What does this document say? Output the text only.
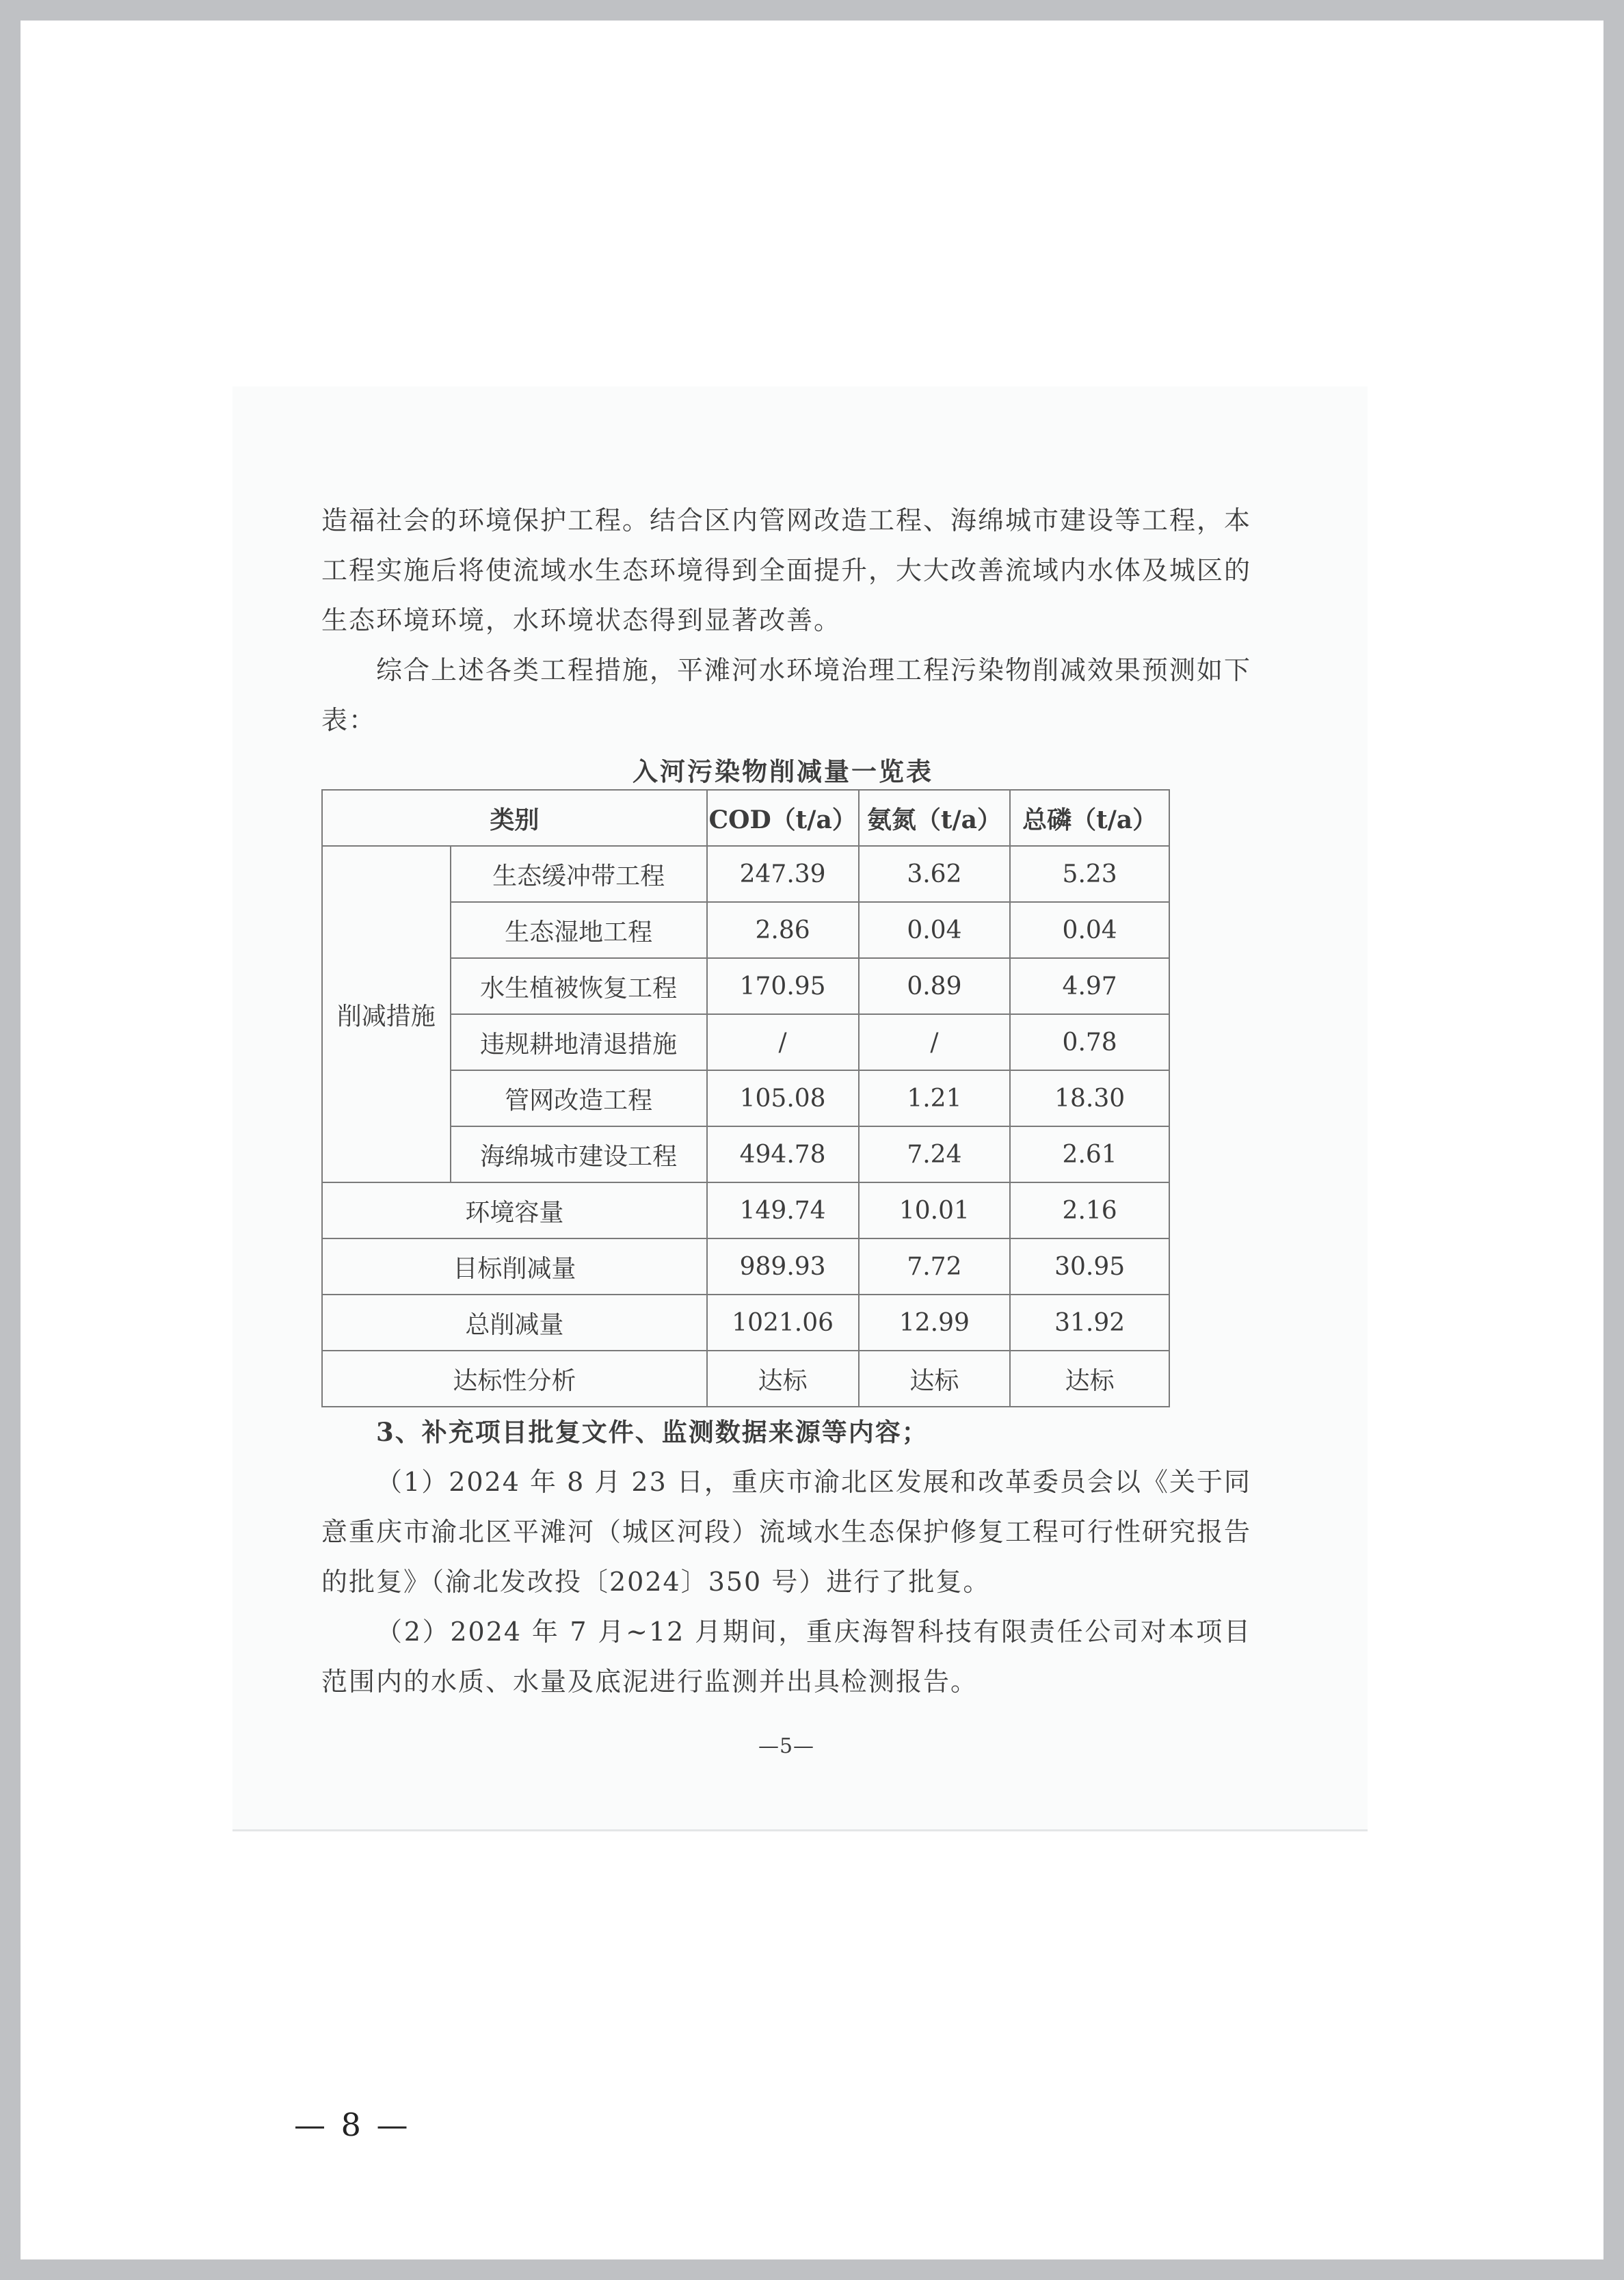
造福社会的环境保护工程。结合区内管网改造工程、海绵城市建设等工程，本工程实施后将使流域水生态环境得到全面提升，大大改善流域内水体及城区的生态环境环境，水环境状态得到显著改善。

综合上述各类工程措施，平滩河水环境治理工程污染物削减效果预测如下表：

入河污染物削减量一览表
类别		COD（t/a）	氨氮（t/a）	总磷（t/a）
削减措施	生态缓冲带工程	247.39	3.62	5.23
	生态湿地工程	2.86	0.04	0.04
	水生植被恢复工程	170.95	0.89	4.97
	违规耕地清退措施	/	/	0.78
	管网改造工程	105.08	1.21	18.30
	海绵城市建设工程	494.78	7.24	2.61
环境容量		149.74	10.01	2.16
目标削减量		989.93	7.72	30.95
总削减量		1021.06	12.99	31.92
达标性分析		达标	达标	达标

3、补充项目批复文件、监测数据来源等内容；

（1）2024 年 8 月 23 日，重庆市渝北区发展和改革委员会以《关于同意重庆市渝北区平滩河（城区河段）流域水生态保护修复工程可行性研究报告的批复》（渝北发改投〔2024〕350 号）进行了批复。

（2）2024 年 7 月~12 月期间，重庆海智科技有限责任公司对本项目范围内的水质、水量及底泥进行监测并出具检测报告。

—5—
— 8 —
